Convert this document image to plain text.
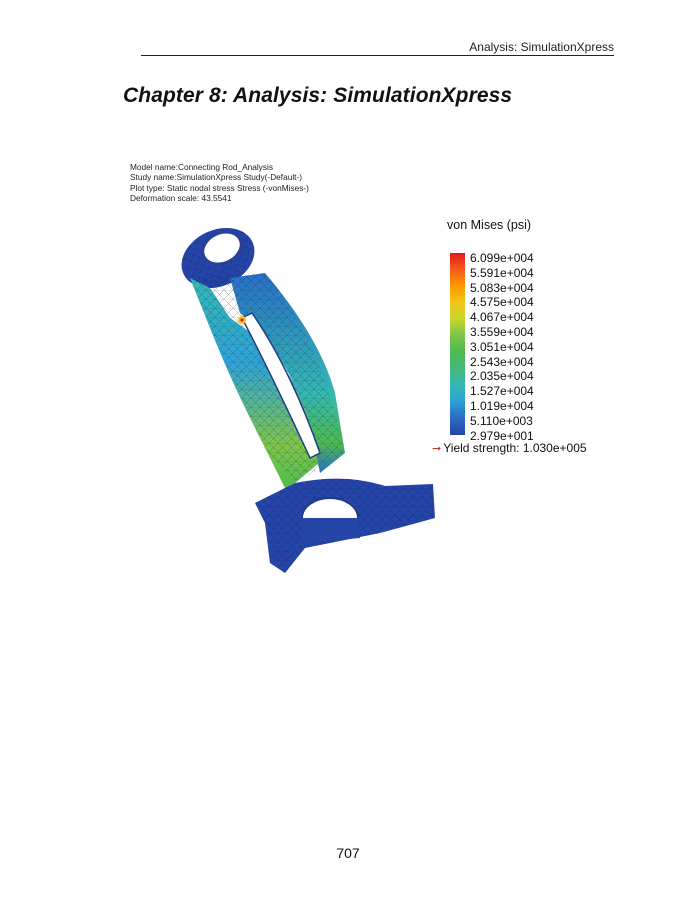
Analysis: SimulationXpress
Chapter 8: Analysis: SimulationXpress
Model name:Connecting Rod_Analysis
Study name:SimulationXpress Study(-Default-)
Plot type: Static nodal stress Stress (-vonMises-)
Deformation scale: 43.5541
von Mises (psi)
6.099e+004
5.591e+004
5.083e+004
4.575e+004
4.067e+004
3.559e+004
3.051e+004
2.543e+004
2.035e+004
1.527e+004
1.019e+004
5.110e+003
2.979e+001
➞ Yield strength: 1.030e+005
707
